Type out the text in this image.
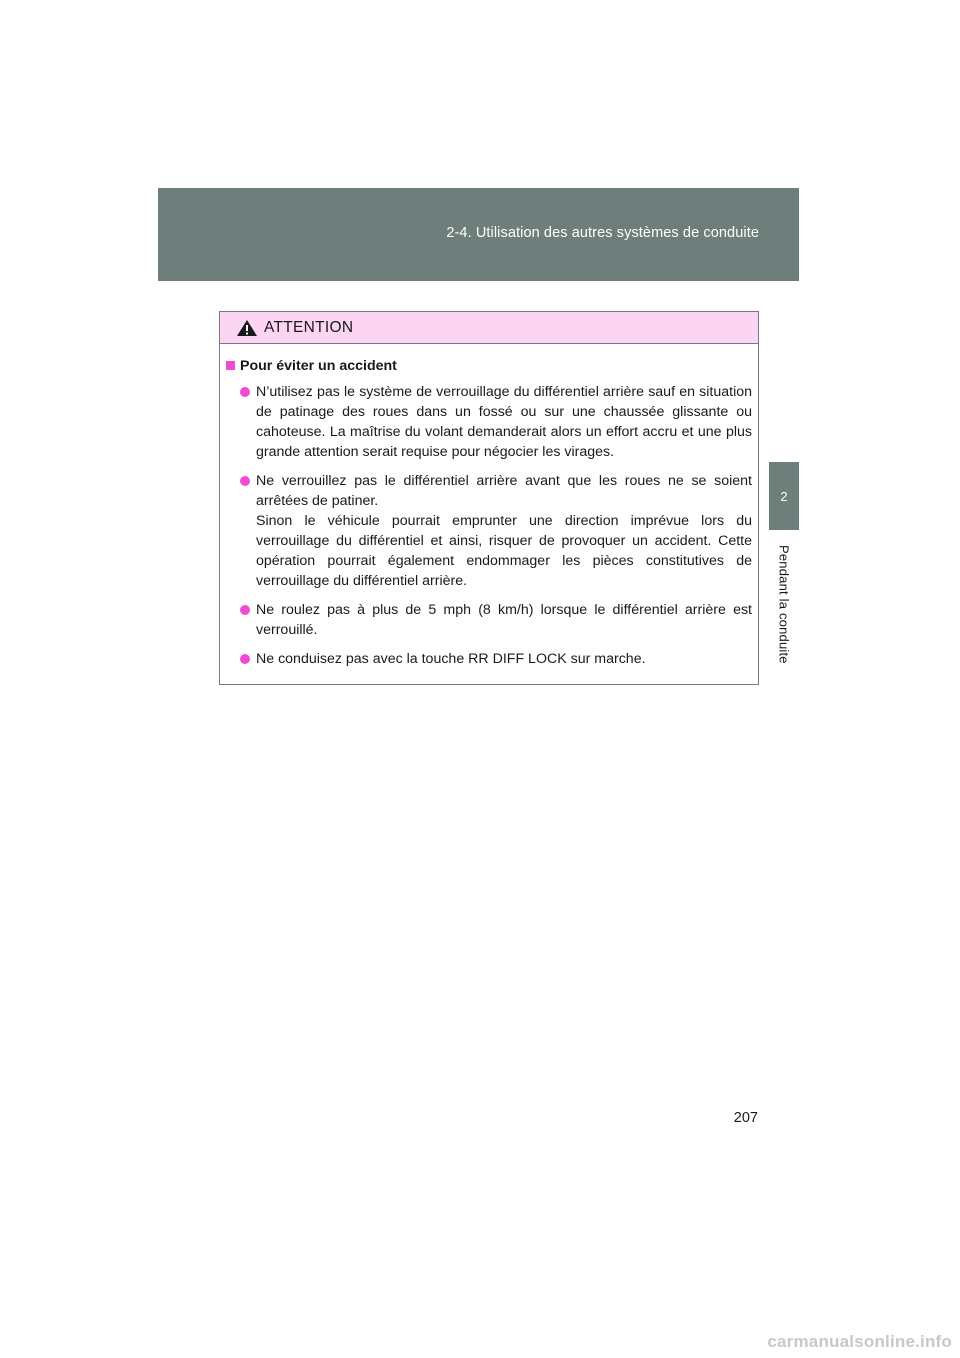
2-4. Utilisation des autres systèmes de conduite
2
Pendant la conduite
ATTENTION
Pour éviter un accident

N’utilisez pas le système de verrouillage du différentiel arrière sauf en situation de patinage des roues dans un fossé ou sur une chaussée glissante ou cahoteuse. La maîtrise du volant demanderait alors un effort accru et une plus grande attention serait requise pour négocier les virages.

Ne verrouillez pas le différentiel arrière avant que les roues ne se soient arrêtées de patiner.

Sinon le véhicule pourrait emprunter une direction imprévue lors du verrouillage du différentiel et ainsi, risquer de provoquer un accident. Cette opération pourrait également endommager les pièces constitutives de verrouillage du différentiel arrière.

Ne roulez pas à plus de 5 mph (8 km/h) lorsque le différentiel arrière est verrouillé.

Ne conduisez pas avec la touche RR DIFF LOCK sur marche.

207
carmanualsonline.info
